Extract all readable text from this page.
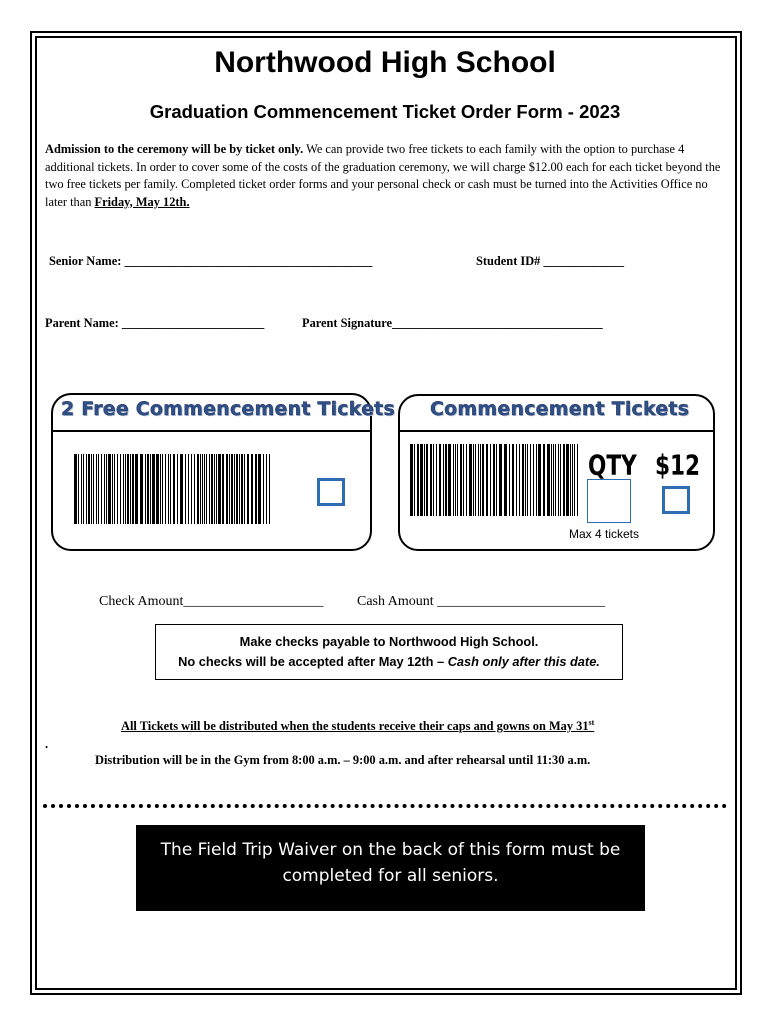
Northwood High School
Graduation Commencement Ticket Order Form - 2023
Admission to the ceremony will be by ticket only. We can provide two free tickets to each family with the option to purchase 4 additional tickets. In order to cover some of the costs of the graduation ceremony, we will charge $12.00 each for each ticket beyond the two free tickets per family. Completed ticket order forms and your personal check or cash must be turned into the Activities Office no later than Friday, May 12th.
Senior Name: ________________________________________	Student ID# _____________
Parent Name: _______________________	Parent Signature__________________________________
2 Free Commencement Tickets Commencement Tickets
QTY $12
Max 4 tickets
Check Amount____________________ Cash Amount ________________________
Make checks payable to Northwood High School.
No checks will be accepted after May 12th – Cash only after this date.
All Tickets will be distributed when the students receive their caps and gowns on May 31st
.
Distribution will be in the Gym from 8:00 a.m. – 9:00 a.m. and after rehearsal until 11:30 a.m.
The Field Trip Waiver on the back of this form must be
completed for all seniors.
